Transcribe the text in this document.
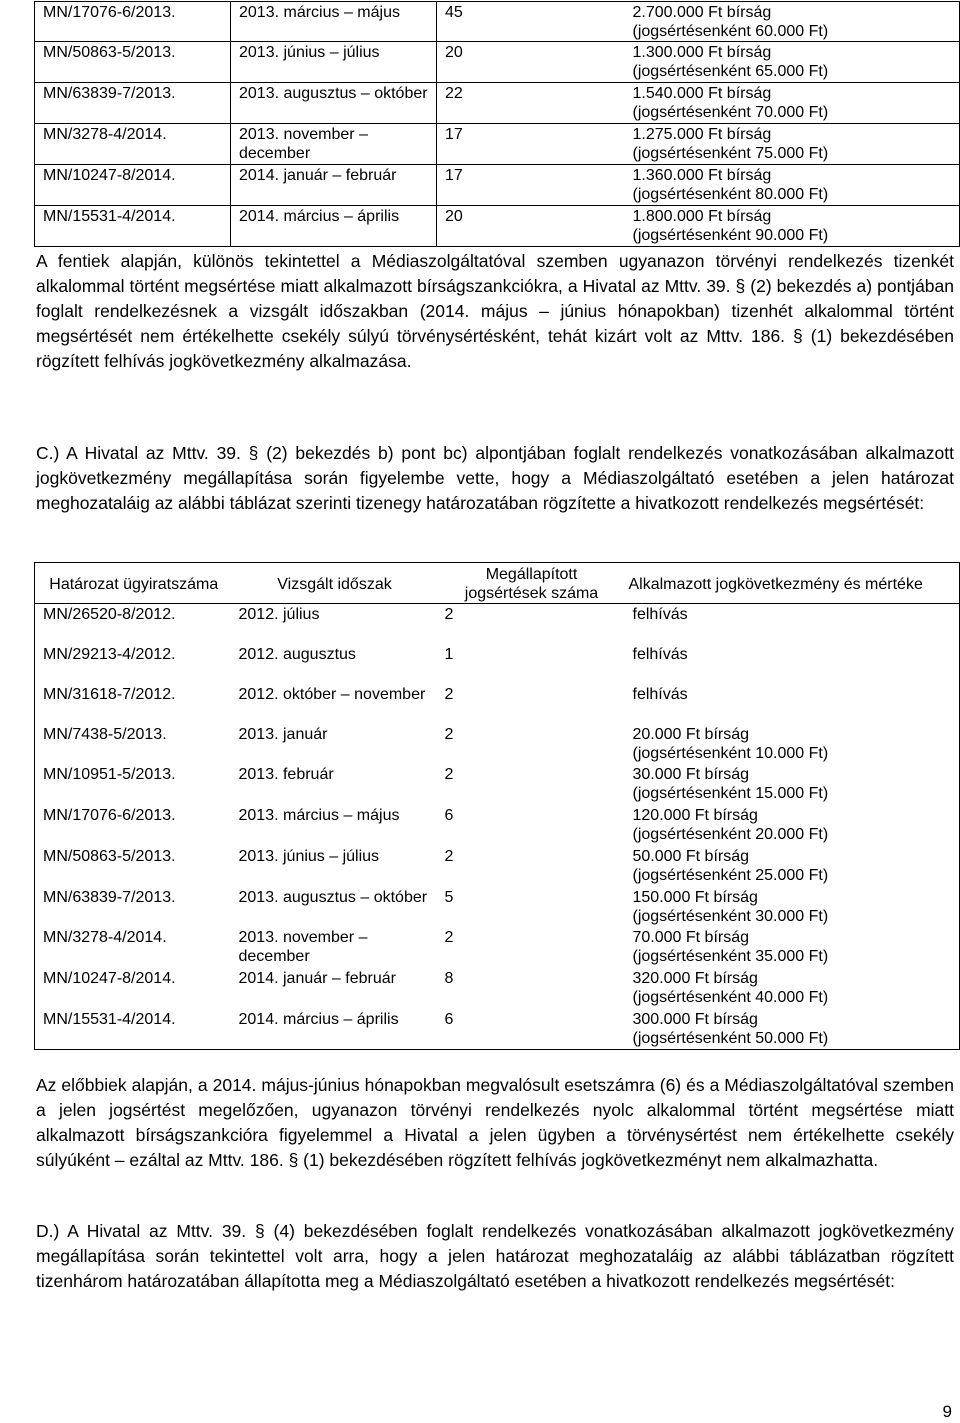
MN/17076-6/2013.	2013. március – május	45	2.700.000 Ft bírság
(jogsértésenként 60.000 Ft)

MN/50863-5/2013.	2013. június – július	20	1.300.000 Ft bírság
(jogsértésenként 65.000 Ft)

MN/63839-7/2013.	2013. augusztus – október	22	1.540.000 Ft bírság
(jogsértésenként 70.000 Ft)

MN/3278-4/2014.	2013. november – december	17	1.275.000 Ft bírság
(jogsértésenként 75.000 Ft)

MN/10247-8/2014.	2014. január – február	17	1.360.000 Ft bírság
(jogsértésenként 80.000 Ft)

MN/15531-4/2014.	2014. március – április	20	1.800.000 Ft bírság
(jogsértésenként 90.000 Ft)
A fentiek alapján, különös tekintettel a Médiaszolgáltatóval szemben ugyanazon törvényi rendelkezés tizenkét alkalommal történt megsértése miatt alkalmazott bírságszankciókra, a Hivatal az Mttv. 39. § (2) bekezdés a) pontjában foglalt rendelkezésnek a vizsgált időszakban (2014. május – június hónapokban) tizenhét alkalommal történt megsértését nem értékelhette csekély súlyú törvénysértésként, tehát kizárt volt az Mttv. 186. § (1) bekezdésében rögzített felhívás jogkövetkezmény alkalmazása.
C.) A Hivatal az Mttv. 39. § (2) bekezdés b) pont bc) alpontjában foglalt rendelkezés vonatkozásában alkalmazott jogkövetkezmény megállapítása során figyelembe vette, hogy a Médiaszolgáltató esetében a jelen határozat meghozataláig az alábbi táblázat szerinti tizenegy határozatában rögzítette a hivatkozott rendelkezés megsértését:
Határozat ügyiratszáma	Vizsgált időszak	Megállapított jogsértések száma	Alkalmazott jogkövetkezmény és mértéke
MN/26520-8/2012.	2012. július	2	felhívás

MN/29213-4/2012.	2012. augusztus	1	felhívás

MN/31618-7/2012.	2012. október – november	2	felhívás

MN/7438-5/2013.	2013. január	2	20.000 Ft bírság
(jogsértésenként 10.000 Ft)

MN/10951-5/2013.	2013. február	2	30.000 Ft bírság
(jogsértésenként 15.000 Ft)

MN/17076-6/2013.	2013. március – május	6	120.000 Ft bírság
(jogsértésenként 20.000 Ft)

MN/50863-5/2013.	2013. június – július	2	50.000 Ft bírság
(jogsértésenként 25.000 Ft)

MN/63839-7/2013.	2013. augusztus – október	5	150.000 Ft bírság
(jogsértésenként 30.000 Ft)

MN/3278-4/2014.	2013. november – december	2	70.000 Ft bírság
(jogsértésenként 35.000 Ft)

MN/10247-8/2014.	2014. január – február	8	320.000 Ft bírság
(jogsértésenként 40.000 Ft)

MN/15531-4/2014.	2014. március – április	6	300.000 Ft bírság
(jogsértésenként 50.000 Ft)
Az előbbiek alapján, a 2014. május-június hónapokban megvalósult esetszámra (6) és a Médiaszolgáltatóval szemben a jelen jogsértést megelőzően, ugyanazon törvényi rendelkezés nyolc alkalommal történt megsértése miatt alkalmazott bírságszankcióra figyelemmel a Hivatal a jelen ügyben a törvénysértést nem értékelhette csekély súlyúként – ezáltal az Mttv. 186. § (1) bekezdésében rögzített felhívás jogkövetkezményt nem alkalmazhatta.
D.) A Hivatal az Mttv. 39. § (4) bekezdésében foglalt rendelkezés vonatkozásában alkalmazott jogkövetkezmény megállapítása során tekintettel volt arra, hogy a jelen határozat meghozataláig az alábbi táblázatban rögzített tizenhárom határozatában állapította meg a Médiaszolgáltató esetében a hivatkozott rendelkezés megsértését:
9
